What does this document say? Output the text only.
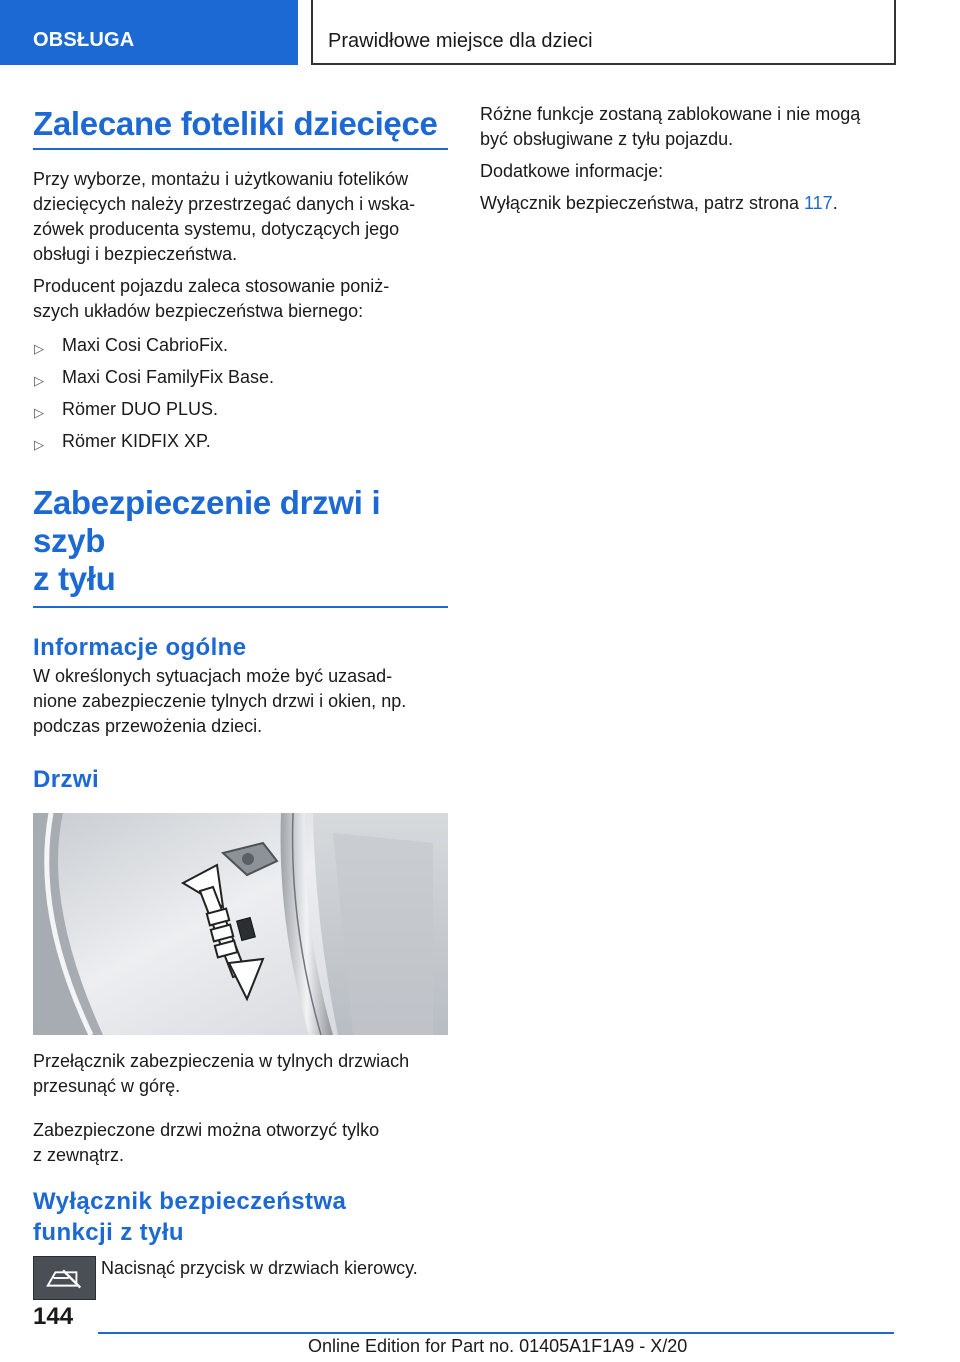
OBSŁUGA	Prawidłowe miejsce dla dzieci
Zalecane foteliki dziecięce

Przy wyborze, montażu i użytkowaniu fotelików
dziecięcych należy przestrzegać danych i wska-
zówek producenta systemu, dotyczących jego
obsługi i bezpieczeństwa.

Producent pojazdu zaleca stosowanie poniż-
szych układów bezpieczeństwa biernego:

▷ Maxi Cosi CabrioFix.
▷ Maxi Cosi FamilyFix Base.
▷ Römer DUO PLUS.
▷ Römer KIDFIX XP.
Zabezpieczenie drzwi i szyb
z tyłu
Informacje ogólne

W określonych sytuacjach może być uzasad-
nione zabezpieczenie tylnych drzwi i okien, np.
podczas przewożenia dzieci.

Drzwi

Przełącznik zabezpieczenia w tylnych drzwiach
przesunąć w górę.

Zabezpieczone drzwi można otworzyć tylko
z zewnątrz.

Wyłącznik bezpieczeństwa
funkcji z tyłu

Nacisnąć przycisk w drzwiach kierowcy.

Różne funkcje zostaną zablokowane i nie mogą
być obsługiwane z tyłu pojazdu.

Dodatkowe informacje:

Wyłącznik bezpieczeństwa, patrz strona 117.

144
Online Edition for Part no. 01405A1F1A9 - X/20
